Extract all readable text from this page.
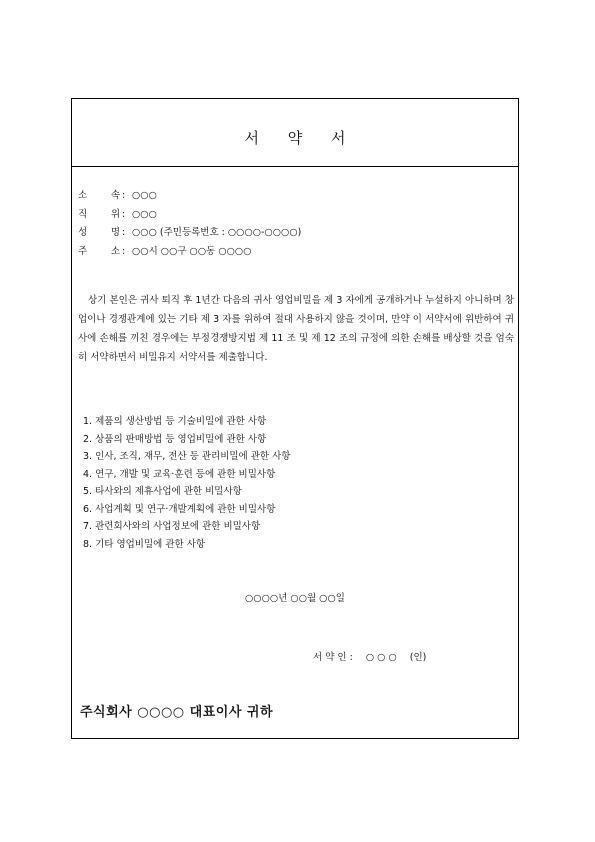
서 약 서
소 속 : ○○○
직 위 : ○○○
성 명 : ○○○ (주민등록번호 : ○○○○-○○○○)
주 소 : ○○시 ○○구 ○○동 ○○○○
상기 본인은 귀사 퇴직 후 1년간 다음의 귀사 영업비밀을 제 3 자에게 공개하거나 누설하지 아니하며 창업이나 경쟁관계에 있는 기타 제 3 자를 위하여 절대 사용하지 않을 것이며, 만약 이 서약서에 위반하여 귀사에 손해를 끼친 경우에는 부정경쟁방지법 제 11 조 및 제 12 조의 규정에 의한 손해를 배상할 것을 엄숙히 서약하면서 비밀유지 서약서를 제출합니다.
1. 제품의 생산방법 등 기술비밀에 관한 사항
2. 상품의 판매방법 등 영업비밀에 관한 사항
3. 인사, 조직, 재무, 전산 등 관리비밀에 관한 사항
4. 연구, 개발 및 교육·훈련 등에 관한 비밀사항
5. 타사와의 제휴사업에 관한 비밀사항
6. 사업계획 및 연구·개발계획에 관한 비밀사항
7. 관련회사와의 사업정보에 관한 비밀사항
8. 기타 영업비밀에 관한 사항
○○○○년 ○○월 ○○일
서 약 인 : ○ ○ ○ (인)
주식회사 ○○○○ 대표이사 귀하
